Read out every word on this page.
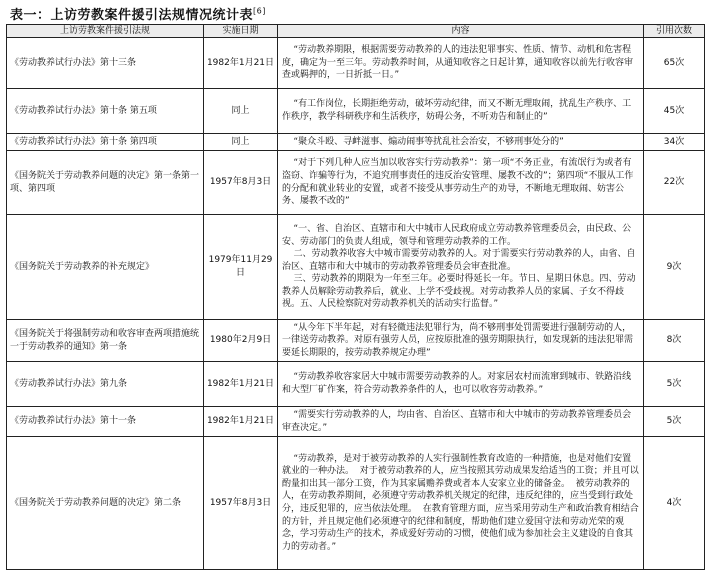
表一：上访劳教案件援引法规情况统计表[6]
上访劳教案件援引法规	实施日期	内容	引用次数
《劳动教养试行办法》第十三条	1982年1月21日	“劳动教养期限，根据需要劳动教养的人的违法犯罪事实、性质、情节、动机和危害程度，确定为一至三年。劳动教养时间，从通知收容之日起计算，通知收容以前先行收容审查或羁押的，一日折抵一日。”	65次
《劳动教养试行办法》第十条 第五项	同上	“有工作岗位，长期拒绝劳动，破坏劳动纪律，而又不断无理取闹，扰乱生产秩序、工作秩序，教学科研秩序和生活秩序，妨碍公务，不听劝告和制止的”	45次
《劳动教养试行办法》第十条 第四项	同上	“聚众斗殴、寻衅滋事、煽动闹事等扰乱社会治安，不够刑事处分的”	34次
《国务院关于劳动教养问题的决定》第一条第一项、第四项	1957年8月3日	“对于下列几种人应当加以收容实行劳动教养”：第一项“不务正业，有流氓行为或者有盗窃、诈骗等行为，不追究刑事责任的违反治安管理、屡教不改的”；第四项“不服从工作的分配和就业转业的安置，或者不接受从事劳动生产的劝导，不断地无理取闹、妨害公务、屡教不改的”	22次
《国务院关于劳动教养的补充规定》	1979年11月29日	“一、省、自治区、直辖市和大中城市人民政府成立劳动教养管理委员会，由民政、公安、劳动部门的负责人组成，领导和管理劳动教养的工作。
二、劳动教养收容大中城市需要劳动教养的人。对于需要实行劳动教养的人，由省、自治区、直辖市和大中城市的劳动教养管理委员会审查批准。
三、劳动教养的期限为一年至三年。必要时得延长一年。节日、星期日休息。四、劳动教养人员解除劳动教养后，就业、上学不受歧视。对劳动教养人员的家属、子女不得歧视。五、人民检察院对劳动教养机关的活动实行监督。”	9次
《国务院关于将强制劳动和收容审查两项措施统一于劳动教养的通知》第一条	1980年2月9日	“从今年下半年起，对有轻微违法犯罪行为，尚不够刑事处罚需要进行强制劳动的人，一律送劳动教养。对原有强劳人员，应按原批准的强劳期限执行，如发现新的违法犯罪需要延长期限的，按劳动教养规定办理”	8次
《劳动教养试行办法》第九条	1982年1月21日	“劳动教养收容家居大中城市需要劳动教养的人。对家居农村而流窜到城市、铁路沿线和大型厂矿作案，符合劳动教养条件的人，也可以收容劳动教养。”	5次
《劳动教养试行办法》第十一条	1982年1月21日	“需要实行劳动教养的人，均由省、自治区、直辖市和大中城市的劳动教养管理委员会审查决定。”	5次
《国务院关于劳动教养问题的决定》第二条	1957年8月3日	“劳动教养，是对于被劳动教养的人实行强制性教育改造的一种措施，也是对他们安置就业的一种办法。  对于被劳动教养的人，应当按照其劳动成果发给适当的工资；并且可以酌量扣出其一部分工资，作为其家属赡养费或者本人安家立业的储备金。  被劳动教养的人，在劳动教养期间，必须遵守劳动教养机关规定的纪律，违反纪律的，应当受到行政处分，违反犯罪的，应当依法处理。  在教育管理方面，应当采用劳动生产和政治教育相结合的方针，并且规定他们必须遵守的纪律和制度，帮助他们建立爱国守法和劳动光荣的观念，学习劳动生产的技术，养成爱好劳动的习惯，使他们成为参加社会主义建设的自食其力的劳动者。”	4次
